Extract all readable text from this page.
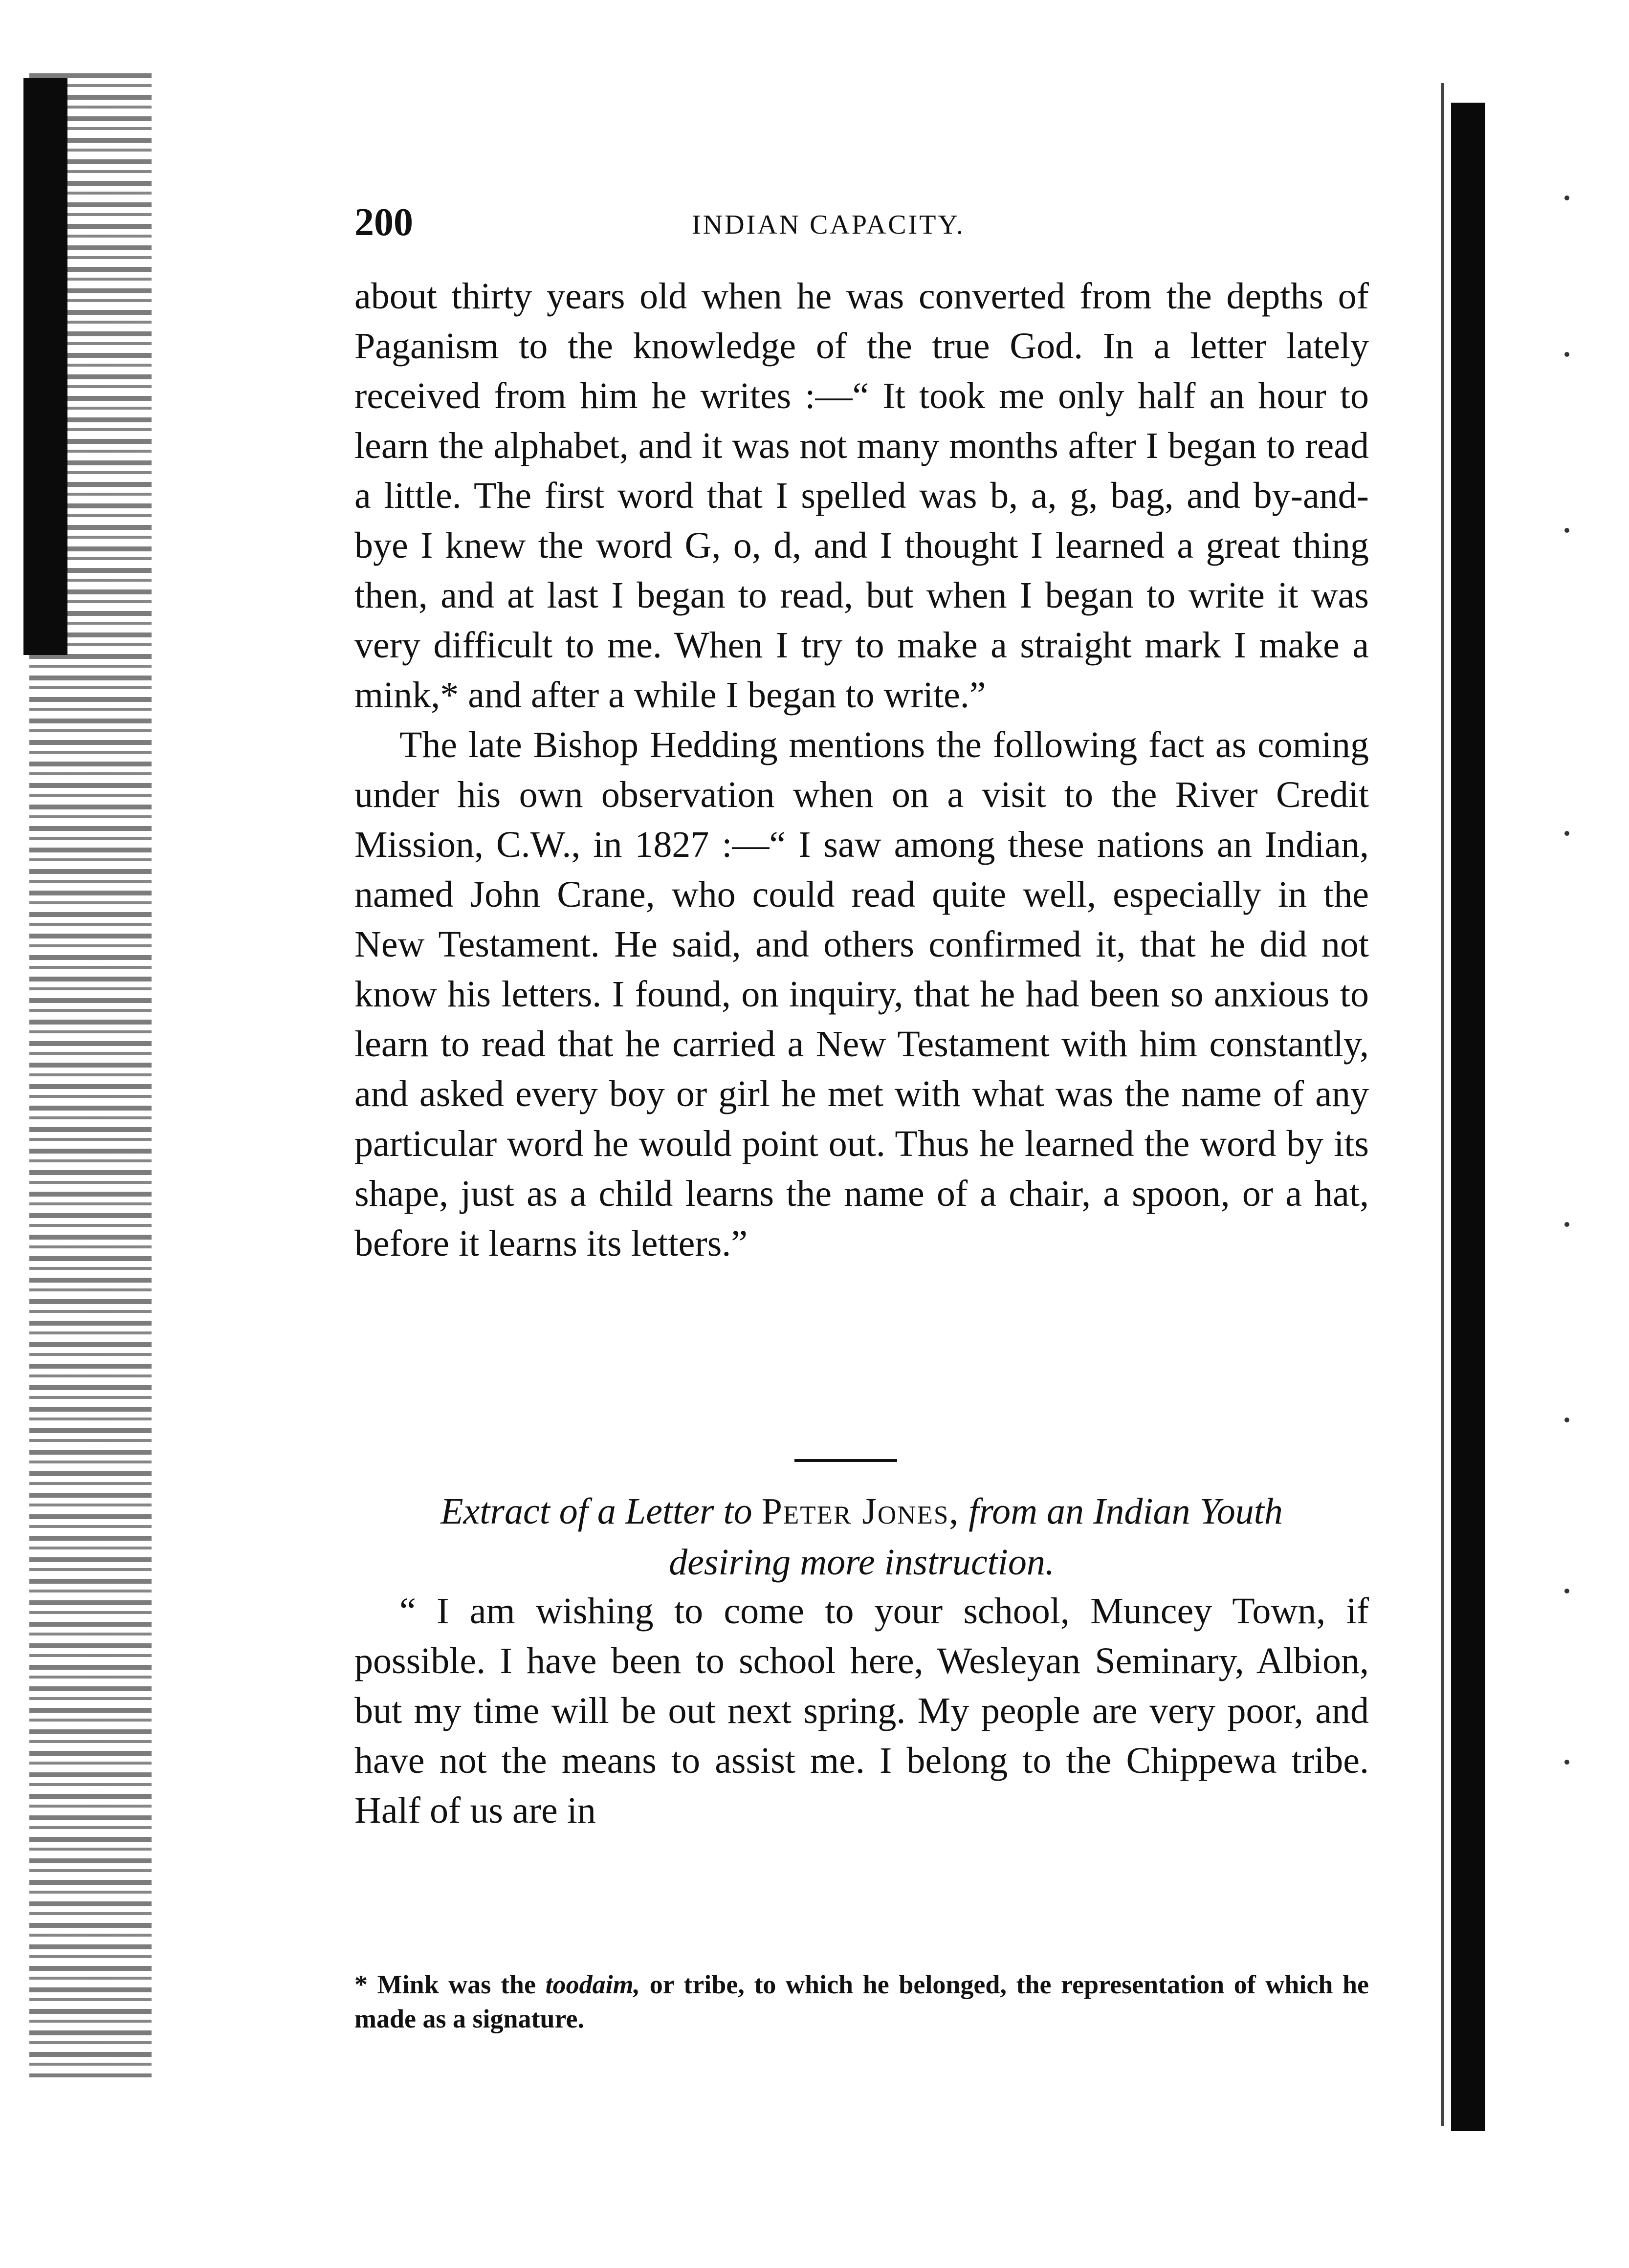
200	INDIAN CAPACITY.

about thirty years old when he was converted from the depths of Paganism to the knowledge of the true God. In a letter lately received from him he writes :—“ It took me only half an hour to learn the alphabet, and it was not many months after I began to read a little. The first word that I spelled was b, a, g, bag, and by-and-bye I knew the word G, o, d, and I thought I learned a great thing then, and at last I began to read, but when I began to write it was very difficult to me. When I try to make a straight mark I make a mink,* and after a while I began to write.”

The late Bishop Hedding mentions the following fact as coming under his own observation when on a visit to the River Credit Mission, C.W., in 1827 :—“ I saw among these nations an Indian, named John Crane, who could read quite well, especially in the New Testament. He said, and others confirmed it, that he did not know his letters. I found, on inquiry, that he had been so anxious to learn to read that he carried a New Testament with him constantly, and asked every boy or girl he met with what was the name of any particular word he would point out. Thus he learned the word by its shape, just as a child learns the name of a chair, a spoon, or a hat, before it learns its letters.”

Extract of a Letter to Peter Jones, from an Indian Youth
desiring more instruction.

“ I am wishing to come to your school, Muncey Town, if possible. I have been to school here, Wesleyan Seminary, Albion, but my time will be out next spring. My people are very poor, and have not the means to assist me. I belong to the Chippewa tribe. Half of us are in

* Mink was the toodaim, or tribe, to which he belonged, the representation of which he made as a signature.
